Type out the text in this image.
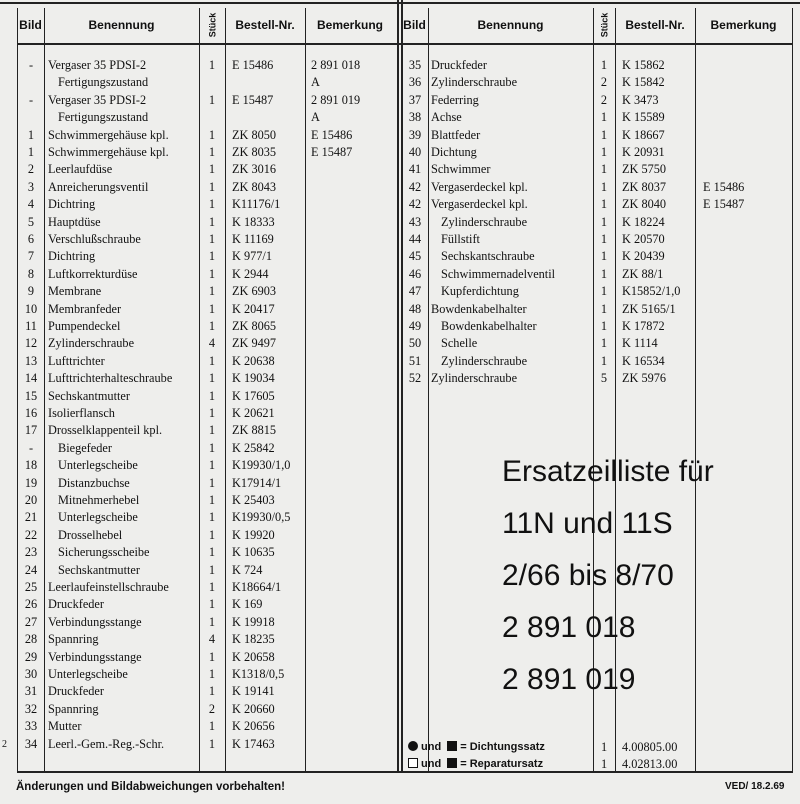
Bild	Benennung	Stück	Bestell-Nr.	Bemerkung	Bild	Benennung	Stück	Bestell-Nr.	Bemerkung
-	Vergaser 35 PDSI-2	1	E 15486	2 891 018
Fertigungszustand	A
-	Vergaser 35 PDSI-2	1	E 15487	2 891 019
Fertigungszustand	A
1	Schwimmergehäuse kpl.	1	ZK 8050	E 15486
1	Schwimmergehäuse kpl.	1	ZK 8035	E 15487
2	Leerlaufdüse	1	ZK 3016
3	Anreicherungsventil	1	ZK 8043
4	Dichtring	1	K11176/1
5	Hauptdüse	1	K 18333
6	Verschlußschraube	1	K 11169
7	Dichtring	1	K 977/1
8	Luftkorrekturdüse	1	K 2944
9	Membrane	1	ZK 6903
10 Membranfeder	1	K 20417
11 Pumpendeckel	1	ZK 8065
12 Zylinderschraube	4	ZK 9497
13 Lufttrichter	1	K 20638
14 Lufttrichterhalteschraube	1	K 19034
15 Sechskantmutter	1	K 17605
16 Isolierflansch	1	K 20621
17 Drosselklappenteil kpl.	1	ZK 8815
-	Biegefeder	1	K 25842
18	Unterlegscheibe	1	K19930/1,0
19	Distanzbuchse	1	K17914/1
20	Mitnehmerhebel	1	K 25403
21	Unterlegscheibe	1	K19930/0,5
22	Drosselhebel	1	K 19920
23	Sicherungsscheibe	1	K 10635
24	Sechskantmutter	1	K 724
25 Leerlaufeinstellschraube	1	K18664/1
26 Druckfeder	1	K 169
27 Verbindungsstange	1	K 19918
28 Spannring	4	K 18235
29 Verbindungsstange	1	K 20658
30 Unterlegscheibe	1	K1318/0,5
31 Druckfeder	1	K 19141
32 Spannring	2	K 20660
33 Mutter	1	K 20656
34 Leerl.-Gem.-Reg.-Schr.	1	K 17463
35 Druckfeder	1	K 15862
36 Zylinderschraube	2	K 15842
37 Federring	2	K 3473
38 Achse	1	K 15589
39 Blattfeder	1	K 18667
40 Dichtung	1	K 20931
41 Schwimmer	1	ZK 5750
42 Vergaserdeckel kpl.	1	ZK 8037	E 15486
42 Vergaserdeckel kpl.	1	ZK 8040	E 15487
43	Zylinderschraube	1	K 18224
44	Füllstift	1	K 20570
45	Sechskantschraube	1	K 20439
46	Schwimmernadelventil	1	ZK 88/1
47	Kupferdichtung	1	K15852/1,0
48 Bowdenkabelhalter	1	ZK 5165/1
49	Bowdenkabelhalter	1	K 17872
50	Schelle	1	K 1114
51	Zylinderschraube	1	K 16534
52 Zylinderschraube	5	ZK 5976
Ersatzeilliste für
11N und 11S
2/66 bis 8/70
2 891 018
2 891 019
und = Dichtungssatz
und = Reparatursatz
1 4.00805.00
1 4.02813.00
2
Änderungen und Bildabweichungen vorbehalten!	VED/ 18.2.69
